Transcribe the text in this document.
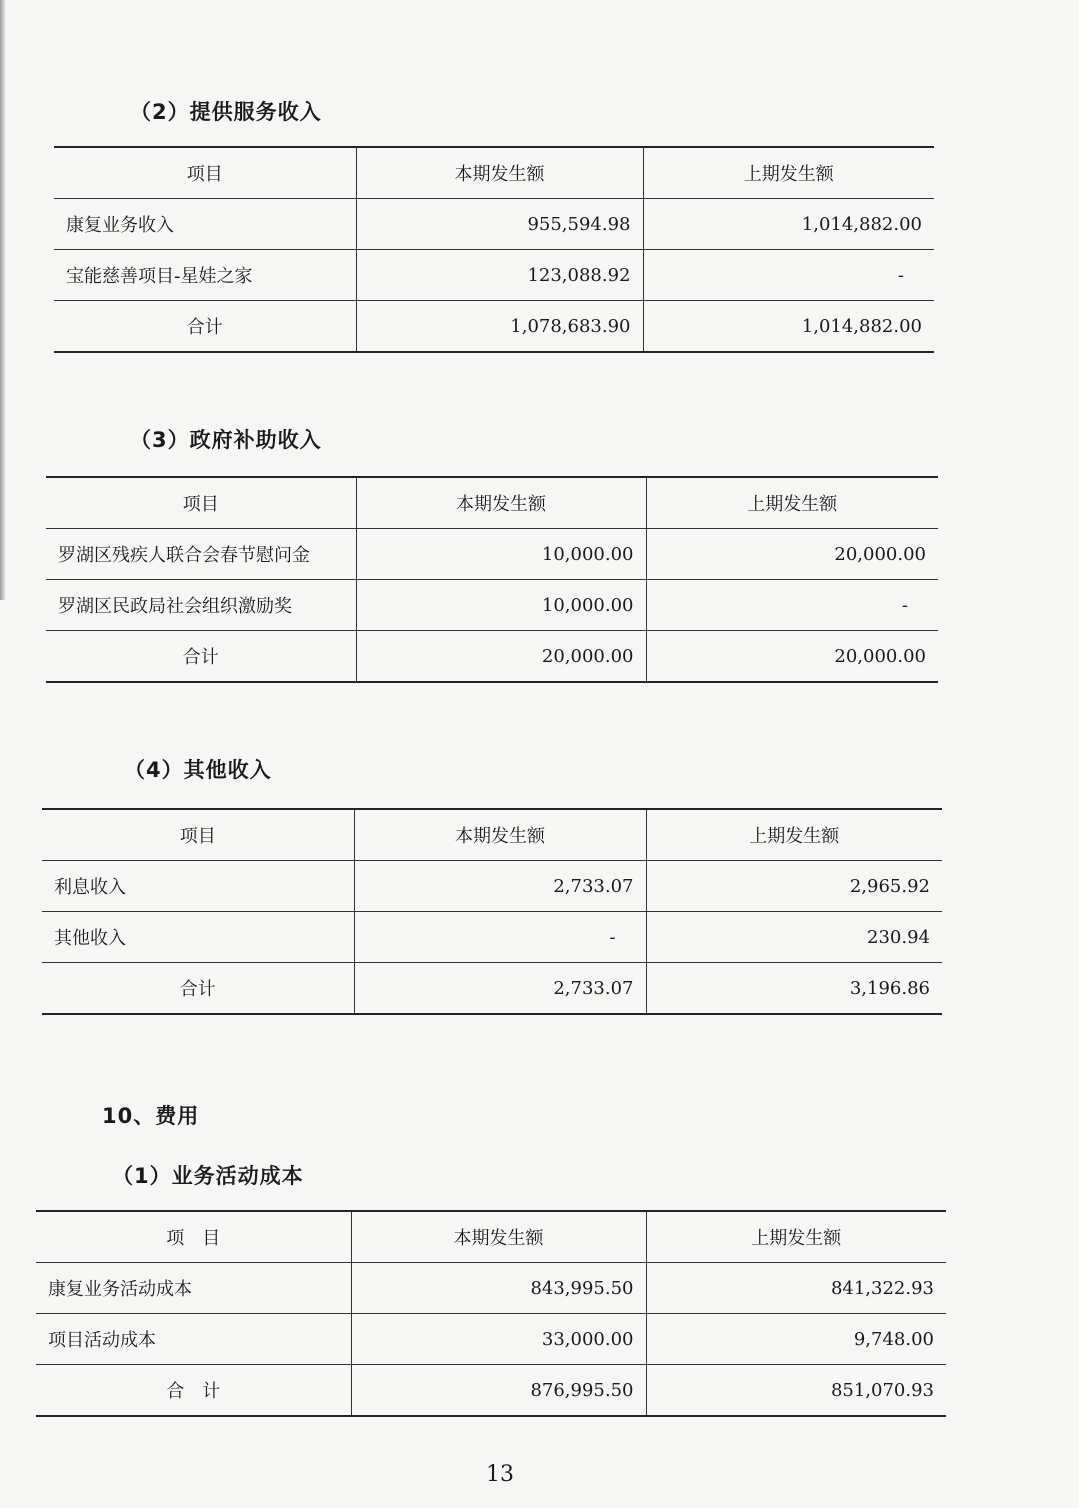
（2）提供服务收入
项目	本期发生额	上期发生额
康复业务收入	955,594.98	1,014,882.00
宝能慈善项目-星娃之家	123,088.92	-
合计	1,078,683.90	1,014,882.00
（3）政府补助收入
项目	本期发生额	上期发生额
罗湖区残疾人联合会春节慰问金	10,000.00	20,000.00
罗湖区民政局社会组织激励奖	10,000.00	-
合计	20,000.00	20,000.00
（4）其他收入
项目	本期发生额	上期发生额
利息收入	2,733.07	2,965.92
其他收入	-	230.94
合计	2,733.07	3,196.86
10、费用
（1）业务活动成本
项　目	本期发生额	上期发生额
康复业务活动成本	843,995.50	841,322.93
项目活动成本	33,000.00	9,748.00
合　计	876,995.50	851,070.93
13
